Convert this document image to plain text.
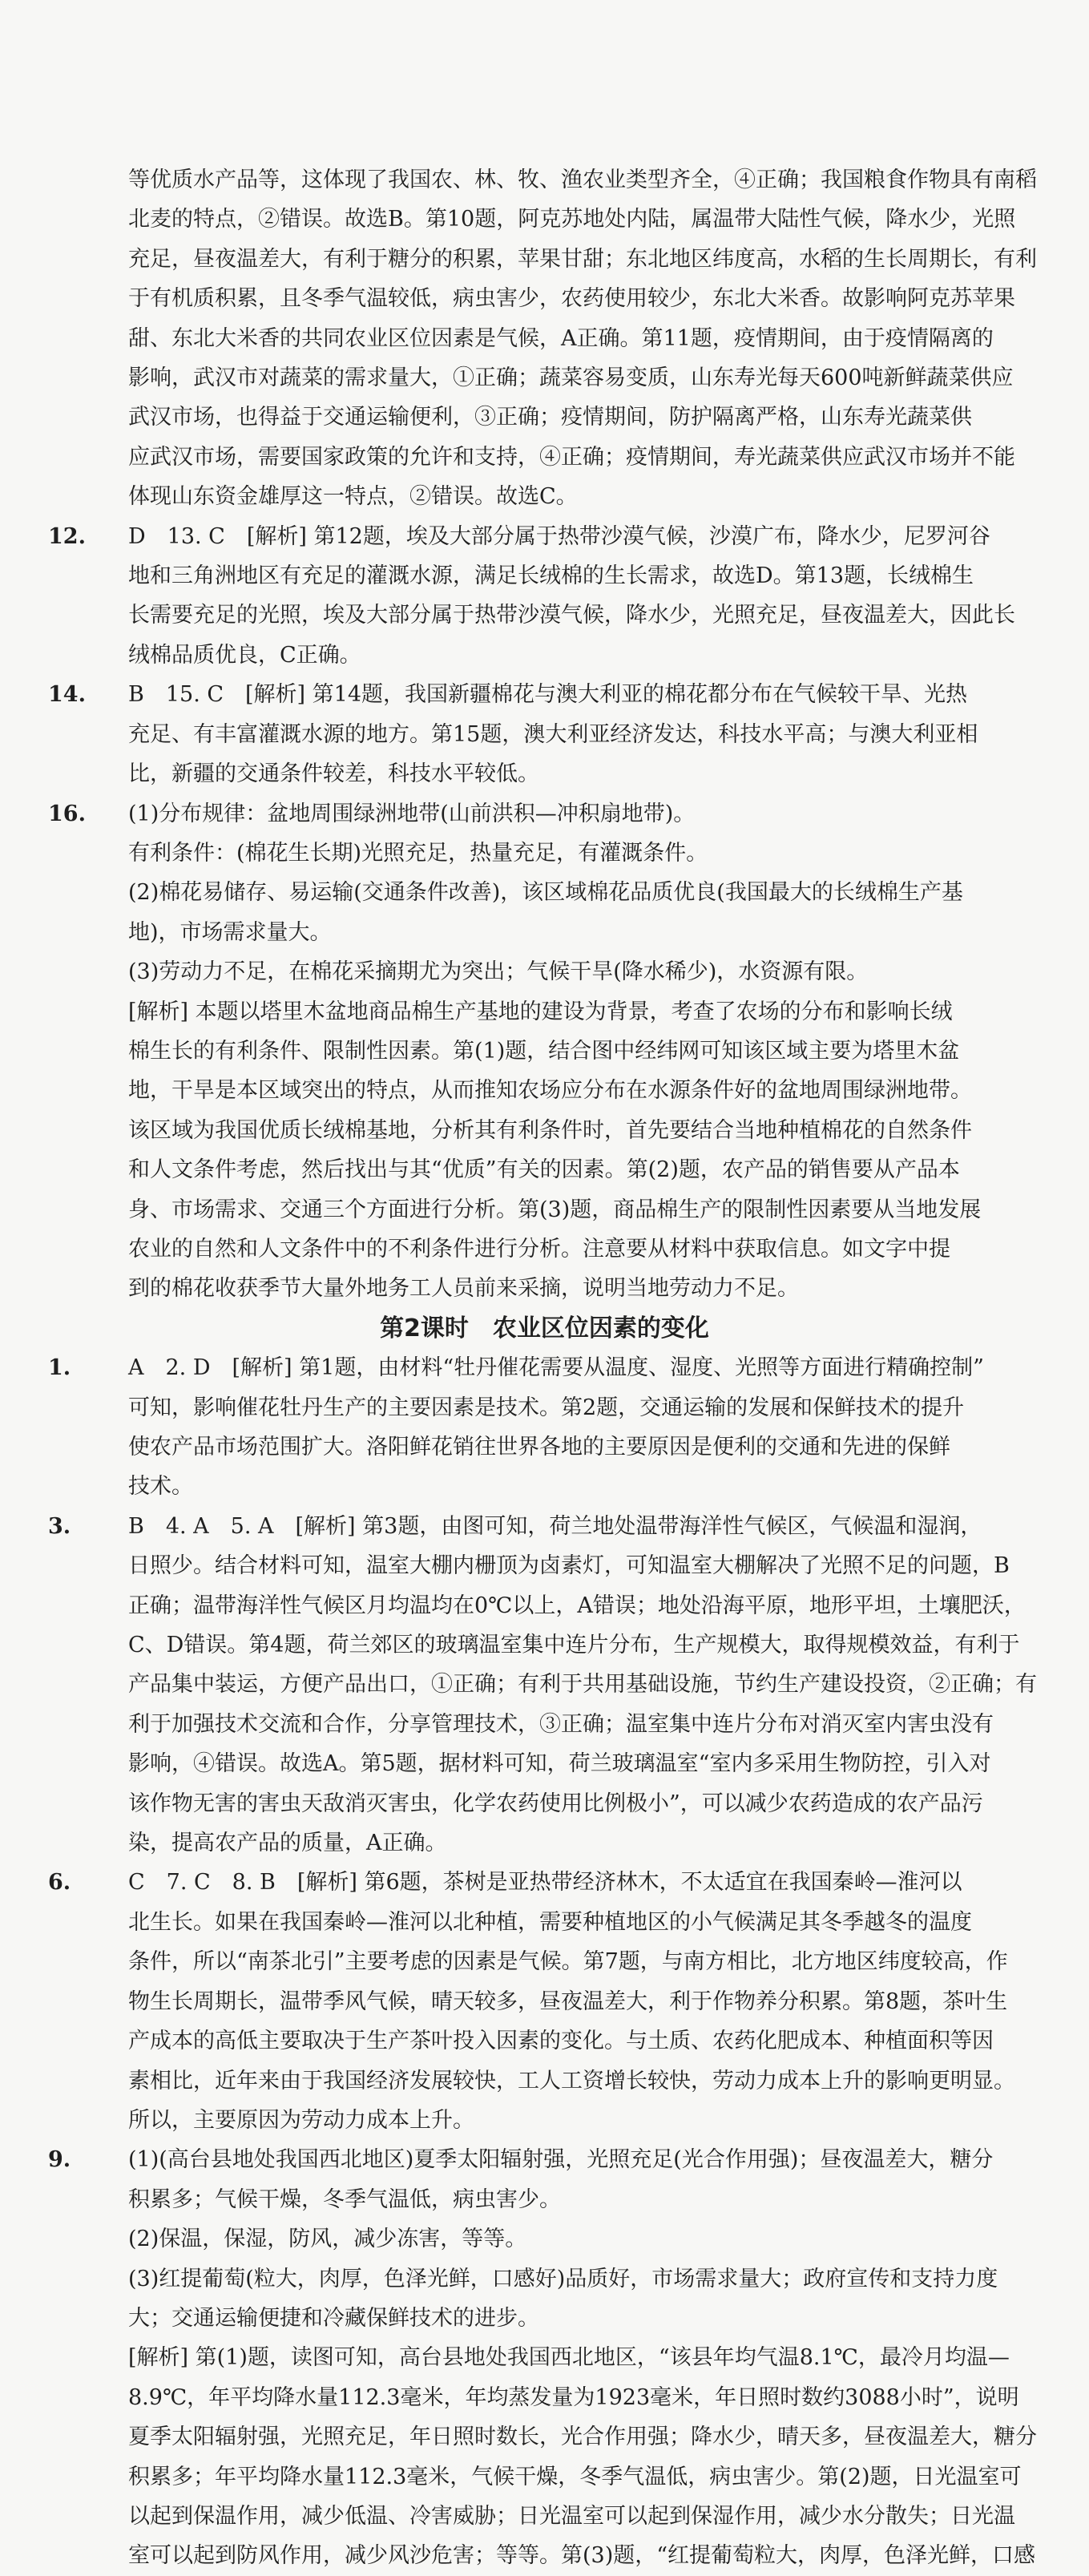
等优质水产品等，这体现了我国农、林、牧、渔农业类型齐全，④正确；我国粮食作物具有南稻

北麦的特点，②错误。故选B。第10题，阿克苏地处内陆，属温带大陆性气候，降水少，光照

充足，昼夜温差大，有利于糖分的积累，苹果甘甜；东北地区纬度高，水稻的生长周期长，有利

于有机质积累，且冬季气温较低，病虫害少，农药使用较少，东北大米香。故影响阿克苏苹果

甜、东北大米香的共同农业区位因素是气候，A正确。第11题，疫情期间，由于疫情隔离的

影响，武汉市对蔬菜的需求量大，①正确；蔬菜容易变质，山东寿光每天600吨新鲜蔬菜供应

武汉市场，也得益于交通运输便利，③正确；疫情期间，防护隔离严格，山东寿光蔬菜供

应武汉市场，需要国家政策的允许和支持，④正确；疫情期间，寿光蔬菜供应武汉市场并不能

体现山东资金雄厚这一特点，②错误。故选C。

12.	D　13. C　[解析] 第12题，埃及大部分属于热带沙漠气候，沙漠广布，降水少，尼罗河谷

地和三角洲地区有充足的灌溉水源，满足长绒棉的生长需求，故选D。第13题，长绒棉生

长需要充足的光照，埃及大部分属于热带沙漠气候，降水少，光照充足，昼夜温差大，因此长

绒棉品质优良，C正确。

14.	B　15. C　[解析] 第14题，我国新疆棉花与澳大利亚的棉花都分布在气候较干旱、光热

充足、有丰富灌溉水源的地方。第15题，澳大利亚经济发达，科技水平高；与澳大利亚相

比，新疆的交通条件较差，科技水平较低。

16.	(1)分布规律：盆地周围绿洲地带(山前洪积—冲积扇地带)。

有利条件：(棉花生长期)光照充足，热量充足，有灌溉条件。

(2)棉花易储存、易运输(交通条件改善)，该区域棉花品质优良(我国最大的长绒棉生产基

地)，市场需求量大。

(3)劳动力不足，在棉花采摘期尤为突出；气候干旱(降水稀少)，水资源有限。

[解析] 本题以塔里木盆地商品棉生产基地的建设为背景，考查了农场的分布和影响长绒

棉生长的有利条件、限制性因素。第(1)题，结合图中经纬网可知该区域主要为塔里木盆

地，干旱是本区域突出的特点，从而推知农场应分布在水源条件好的盆地周围绿洲地带。

该区域为我国优质长绒棉基地，分析其有利条件时，首先要结合当地种植棉花的自然条件

和人文条件考虑，然后找出与其“优质”有关的因素。第(2)题，农产品的销售要从产品本

身、市场需求、交通三个方面进行分析。第(3)题，商品棉生产的限制性因素要从当地发展

农业的自然和人文条件中的不利条件进行分析。注意要从材料中获取信息。如文字中提

到的棉花收获季节大量外地务工人员前来采摘，说明当地劳动力不足。

第2课时　农业区位因素的变化
1.	A　2. D　[解析] 第1题，由材料“牡丹催花需要从温度、湿度、光照等方面进行精确控制”

可知，影响催花牡丹生产的主要因素是技术。第2题，交通运输的发展和保鲜技术的提升

使农产品市场范围扩大。洛阳鲜花销往世界各地的主要原因是便利的交通和先进的保鲜

技术。

3.	B　4. A　5. A　[解析] 第3题，由图可知，荷兰地处温带海洋性气候区，气候温和湿润，

日照少。结合材料可知，温室大棚内栅顶为卤素灯，可知温室大棚解决了光照不足的问题，B

正确；温带海洋性气候区月均温均在0℃以上，A错误；地处沿海平原，地形平坦，土壤肥沃，

C、D错误。第4题，荷兰郊区的玻璃温室集中连片分布，生产规模大，取得规模效益，有利于

产品集中装运，方便产品出口，①正确；有利于共用基础设施，节约生产建设投资，②正确；有

利于加强技术交流和合作，分享管理技术，③正确；温室集中连片分布对消灭室内害虫没有

影响，④错误。故选A。第5题，据材料可知，荷兰玻璃温室“室内多采用生物防控，引入对

该作物无害的害虫天敌消灭害虫，化学农药使用比例极小”，可以减少农药造成的农产品污

染，提高农产品的质量，A正确。

6.	C　7. C　8. B　[解析] 第6题，茶树是亚热带经济林木，不太适宜在我国秦岭—淮河以

北生长。如果在我国秦岭—淮河以北种植，需要种植地区的小气候满足其冬季越冬的温度

条件，所以“南茶北引”主要考虑的因素是气候。第7题，与南方相比，北方地区纬度较高，作

物生长周期长，温带季风气候，晴天较多，昼夜温差大，利于作物养分积累。第8题，茶叶生

产成本的高低主要取决于生产茶叶投入因素的变化。与土质、农药化肥成本、种植面积等因

素相比，近年来由于我国经济发展较快，工人工资增长较快，劳动力成本上升的影响更明显。

所以，主要原因为劳动力成本上升。

9.	(1)(高台县地处我国西北地区)夏季太阳辐射强，光照充足(光合作用强)；昼夜温差大，糖分

积累多；气候干燥，冬季气温低，病虫害少。

(2)保温，保湿，防风，减少冻害，等等。

(3)红提葡萄(粒大，肉厚，色泽光鲜，口感好)品质好，市场需求量大；政府宣传和支持力度

大；交通运输便捷和冷藏保鲜技术的进步。

[解析] 第(1)题，读图可知，高台县地处我国西北地区，“该县年均气温8.1℃，最冷月均温—

8.9℃，年平均降水量112.3毫米，年均蒸发量为1923毫米，年日照时数约3088小时”，说明

夏季太阳辐射强，光照充足，年日照时数长，光合作用强；降水少，晴天多，昼夜温差大，糖分

积累多；年平均降水量112.3毫米，气候干燥，冬季气温低，病虫害少。第(2)题，日光温室可

以起到保温作用，减少低温、冷害威胁；日光温室可以起到保湿作用，减少水分散失；日光温

室可以起到防风作用，减少风沙危害；等等。第(3)题，“红提葡萄粒大，肉厚，色泽光鲜，口感
